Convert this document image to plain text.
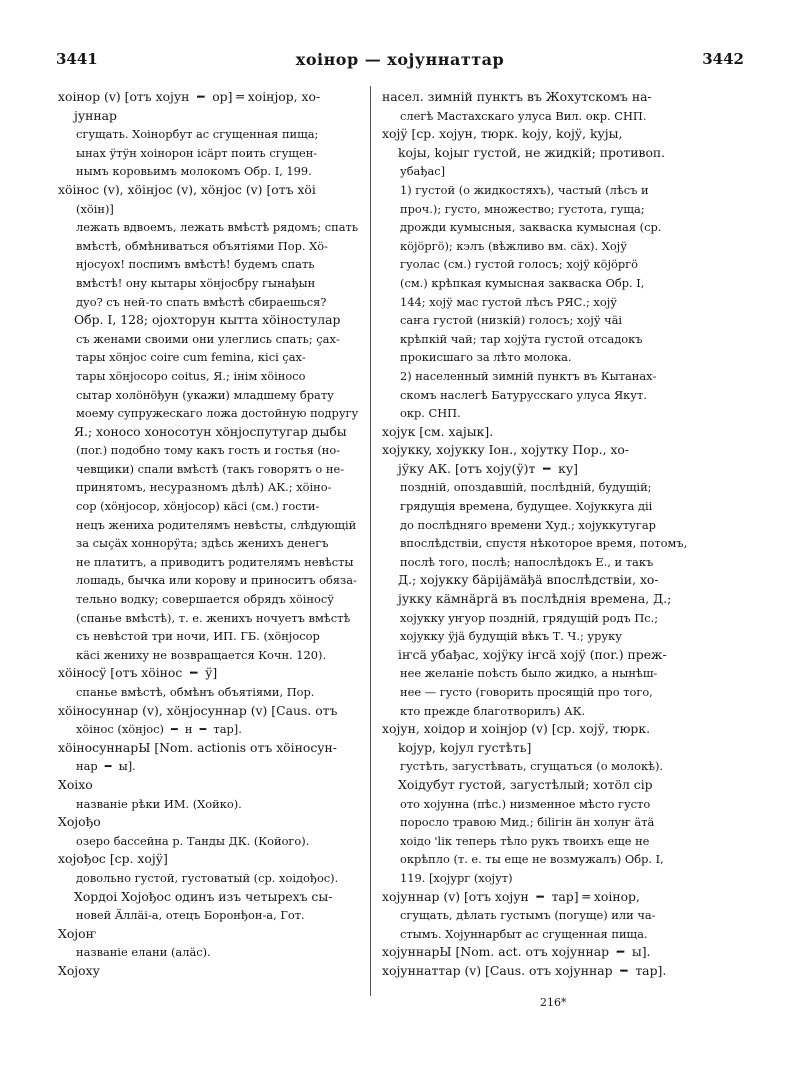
3441	хоінор — хојуннаттар	3442
хоінор (v) [отъ хојун ╺╸ ор] ═ хоінјор, хо-
јуннар
сгущать. Хоінорбут ас сгущенная пища;
ынах ӱтӱн хоінорон ісäрт поить сгущен-
нымъ коровьимъ молокомъ Обр. I, 199.
хöінос (v), хöінјос (v), хöнјос (v) [отъ хöі
(хöін)]
лежать вдвоемъ, лежать вмѣстѣ рядомъ; спать
вмѣстѣ, обмѣниваться объятіями Пор. Хö-
нјосуох! поспимъ вмѣстѣ! будемъ спать
вмѣстѣ! ону кытары хöнјосбру гынађын
дуо? съ ней-то спать вмѣстѣ сбираешься?
Обр. I, 128; ојохторун кытта хöіностулар
съ женами своими они улеглись спать; ҫах-
тары хöнјос coire cum femina, кісі ҫах-
тары хöнјосоро coitus, Я.; інім хöіносо
сытар холöнöђун (укажи) младшему брату
моему супружескаго ложа достойную подругу
Я.; хоносо хоносотун хöнјоспутугар дыбы
(поr.) подобно тому какъ гость и гостья (но-
чевщики) спали вмѣстѣ (такъ говорятъ о не-
принятомъ, несуразномъ дѣлѣ) АК.; хöіно-
сор (хöнјосор, хöнјосор) кäсі (см.) гости-
нецъ жениха родителямъ невѣсты, слѣдующій
за сыҫäх хоннорӱта; здѣсь женихъ денегъ
не платитъ, а приводитъ родителямъ невѣсты
лошадь, бычка или корову и приноситъ обяза-
тельно водку; совершается обрядъ хöіносӱ
(спанье вмѣстѣ), т. е. женихъ ночуетъ вмѣстѣ
съ невѣстой три ночи, ИП. ГБ. (хöнјосор
кäсі жениху не возвращается Кочн. 120).
хöіносӱ [отъ хöінос ╺╸ ӱ]
спанье вмѣстѣ, обмѣнъ объятіями, Пор.
хöіносуннар (v), хöнјосуннар (v) [Caus. отъ
хöінос (хöнјос) ╺╸ н ╺╸ тар].
хöіносуннарЫ [Nom. actionis отъ хöіносун-
нар ╺╸ ы].
Хоіхо
названіе рѣки ИМ. (Хойко).
Хојођо
озеро бассейна р. Танды ДК. (Койого).
хојођос [ср. хојӱ]
довольно густой, густоватый (ср. хоідођос).
Хордоі Хојођос одинъ изъ четырехъ сы-
новей Äллäі-а, отецъ Боронђон-а, Гот.
Хојоҥ
названіе елани (алäс).
Хојоху
насел. зимній пунктъ въ Жохутскомъ на-
слегѣ Мастахскаго улуса Вил. окр. СНП.
хојӱ [ср. хојун, тюрк. kojу, kojӱ, kујы,
kојы, kојыг густой, не жидкій; противоп.
убађас]
1) густой (о жидкостяхъ), частый (лѣсъ и
проч.); густо, множество; густота, гуща;
дрожди кумысныя, закваска кумысная (ср.
кöјöргö); кэлъ (вѣжливо вм. сäх). Хојӱ
гуолас (см.) густой голосъ; хојӱ кöјöргö
(см.) крѣпкая кумысная закваска Обр. I,
144; хојӱ мас густой лѣсъ РЯС.; хојӱ
саҥа густой (низкій) голосъ; хојӱ чäі
крѣпкій чай; тар хојӱта густой отсадокъ
прокисшаго за лѣто молока.
2) населенный зимній пунктъ въ Кытанах-
скомъ наслегѣ Батурусскаго улуса Якут.
окр. СНП.
хојук [см. хајык].
хојуккy, хојукку Іон., хојутку Пор., хо-
јӱку АК. [отъ хоју(ӱ)т ╺╸ ку]
поздній, опоздавшій, послѣдній, будущій;
грядущія времена, будущее. Хојуккуга діі
до послѣдняго времени Худ.; хојуккутугар
впослѣдствіи, спустя нѣкоторое время, потомъ,
послѣ того, послѣ; напослѣдокъ Е., и такъ
Д.; хојукку бäріјäмäђä впослѣдствіи, хо-
јукку кäмнäргä въ послѣднія времена, Д.;
хојукку уҥуор поздній, грядущій родъ Пс.;
хојукку ӱјä будущій вѣкъ Т. Ч.; уруку
іҥсä убађас, хојӱку іҥсä хојӱ (поr.) преж-
нее желаніе поѣсть было жидко, а нынѣш-
нее — густо (говорить просящій про того,
кто прежде благотворилъ) АК.
хојун, хоідор и хоінјор (v) [ср. хојӱ, тюрк.
kојур, kојул густѣть]
густѣть, загустѣвать, сгущаться (о молокѣ).
Хоідубут густой, загустѣлый; хотöл сір
ото хојунна (пѣс.) низменное мѣсто густо
поросло травою Мид.; біlігін äн холуҥ äтä
хоідо 'lік теперь тѣло рукъ твоихъ еще не
окрѣпло (т. е. ты еще не возмужалъ) Обр. I,
119. [хојург (хојут)
хојуннар (v) [отъ хојун ╺╸ тар] ═ хоінор,
сгущать, дѣлать густымъ (погуще) или ча-
стымъ. Хојуннарбыт ас сгущенная пища.
хојуннарЫ [Nom. act. отъ хојуннар ╺╸ ы].
хојуннаттар (v) [Caus. отъ хојуннар ╺╸ тар].
216*
